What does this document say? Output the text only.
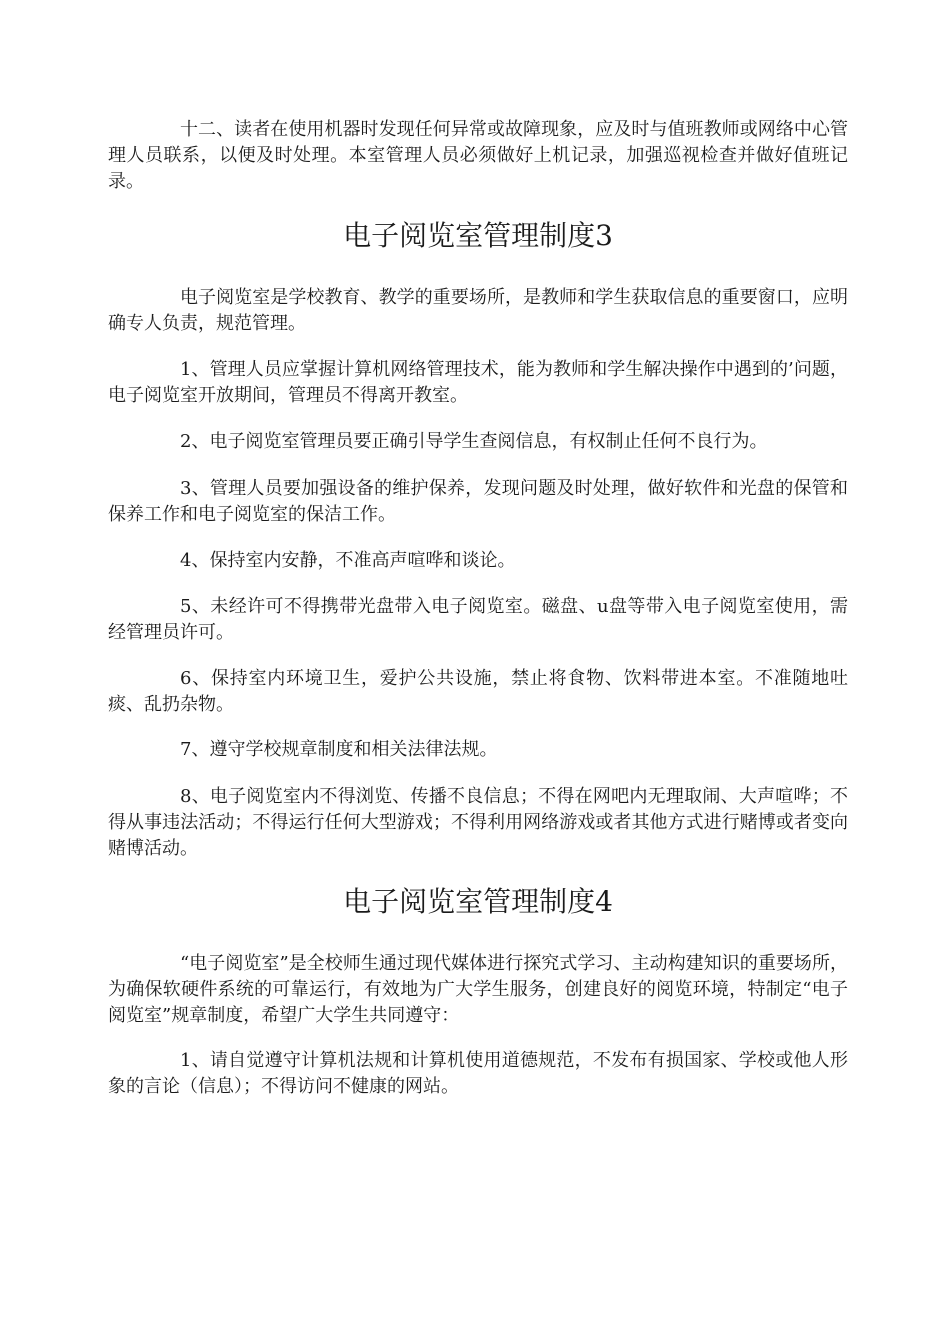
十二、读者在使用机器时发现任何异常或故障现象，应及时与值班教师或网络中心管理人员联系，以便及时处理。本室管理人员必须做好上机记录，加强巡视检查并做好值班记录。

电子阅览室管理制度3

电子阅览室是学校教育、教学的重要场所，是教师和学生获取信息的重要窗口，应明确专人负责，规范管理。

1、管理人员应掌握计算机网络管理技术，能为教师和学生解决操作中遇到的’问题，电子阅览室开放期间，管理员不得离开教室。

2、电子阅览室管理员要正确引导学生查阅信息，有权制止任何不良行为。

3、管理人员要加强设备的维护保养，发现问题及时处理，做好软件和光盘的保管和保养工作和电子阅览室的保洁工作。

4、保持室内安静，不准高声喧哗和谈论。

5、未经许可不得携带光盘带入电子阅览室。磁盘、u盘等带入电子阅览室使用，需经管理员许可。

6、保持室内环境卫生，爱护公共设施，禁止将食物、饮料带进本室。不准随地吐痰、乱扔杂物。

7、遵守学校规章制度和相关法律法规。

8、电子阅览室内不得浏览、传播不良信息；不得在网吧内无理取闹、大声喧哗；不得从事违法活动；不得运行任何大型游戏；不得利用网络游戏或者其他方式进行赌博或者变向赌博活动。

电子阅览室管理制度4

“电子阅览室”是全校师生通过现代媒体进行探究式学习、主动构建知识的重要场所，为确保软硬件系统的可靠运行，有效地为广大学生服务，创建良好的阅览环境，特制定“电子阅览室”规章制度，希望广大学生共同遵守：

1、请自觉遵守计算机法规和计算机使用道德规范，不发布有损国家、学校或他人形象的言论（信息）；不得访问不健康的网站。
